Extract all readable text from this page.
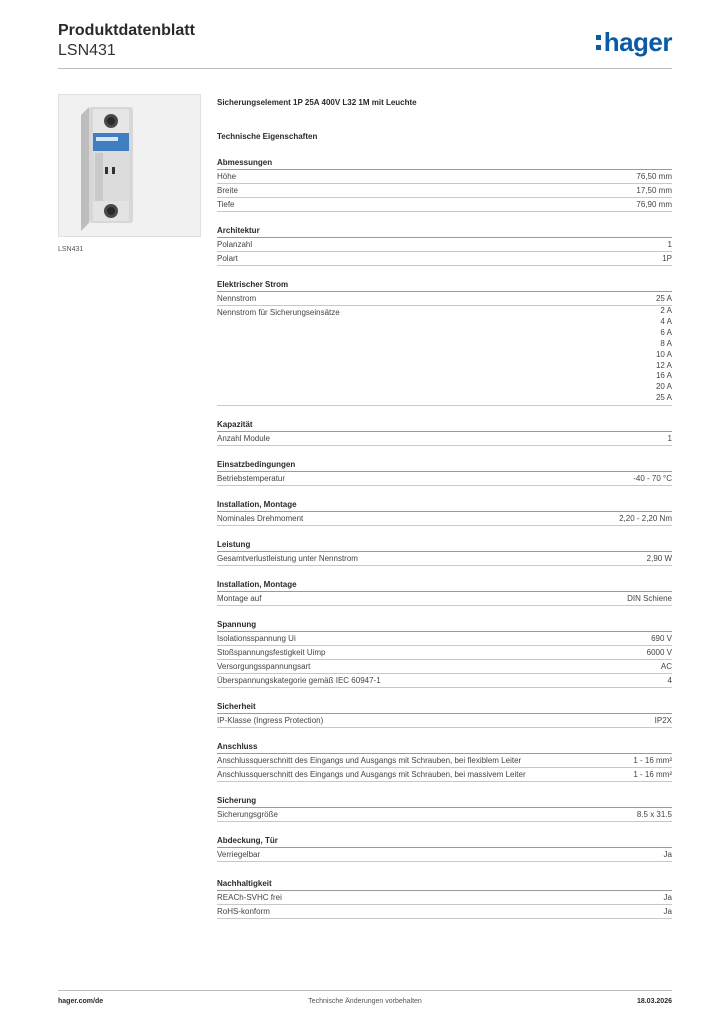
Produktdatenblatt
LSN431	hager
LSN431
Sicherungselement 1P 25A 400V L32 1M mit Leuchte
Technische Eigenschaften
Abmessungen
Höhe	76,50 mm
Breite	17,50 mm
Tiefe	76,90 mm
Architektur
Polanzahl	1
Polart	1P
Elektrischer Strom
Nennstrom	25 A
Nennstrom für Sicherungseinsätze	2 A
4 A
6 A
8 A
10 A
12 A
16 A
20 A
25 A
Kapazität
Anzahl Module	1
Einsatzbedingungen
Betriebstemperatur	-40 - 70 °C
Installation, Montage
Nominales Drehmoment	2,20 - 2,20 Nm
Leistung
Gesamtverlustleistung unter Nennstrom	2,90 W
Installation, Montage
Montage auf	DIN Schiene
Spannung
Isolationsspannung Ui	690 V
Stoßspannungsfestigkeit Uimp	6000 V
Versorgungsspannungsart	AC
Überspannungskategorie gemäß IEC 60947-1	4
Sicherheit
IP-Klasse (Ingress Protection)	IP2X
Anschluss
Anschlussquerschnitt des Eingangs und Ausgangs mit Schrauben, bei flexiblem Leiter	1 - 16 mm²
Anschlussquerschnitt des Eingangs und Ausgangs mit Schrauben, bei massivem Leiter	1 - 16 mm²
Sicherung
Sicherungsgröße	8.5 x 31.5
Abdeckung, Tür
Verriegelbar	Ja
Nachhaltigkeit
REACh-SVHC frei	Ja
RoHS-konform	Ja
hager.com/de	Technische Änderungen vorbehalten	18.03.2026
